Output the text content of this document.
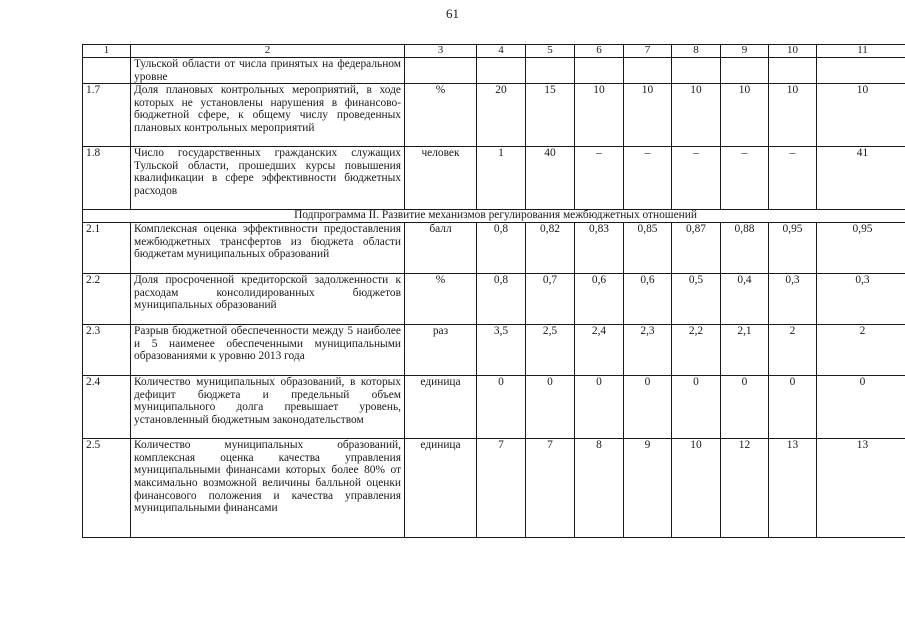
61
1	2	3	4	5	6	7	8	9	10	11
	Тульской области от числа принятых на федеральном уровне									
1.7	Доля плановых контрольных мероприятий, в ходе которых не установлены нарушения в финансово-бюджетной сфере, к общему числу проведенных плановых контрольных мероприятий	%	20	15	10	10	10	10	10	10
1.8	Число государственных гражданских служащих Тульской области, прошедших курсы повышения квалификации в сфере эффективности бюджетных расходов	человек	1	40	–	–	–	–	–	41
Подпрограмма II. Развитие механизмов регулирования межбюджетных отношений										
2.1	Комплексная оценка эффективности предоставления межбюджетных трансфертов из бюджета области бюджетам муниципальных образований	балл	0,8	0,82	0,83	0,85	0,87	0,88	0,95	0,95
2.2	Доля просроченной кредиторской задолженности к расходам консолидированных бюджетов муниципальных образований	%	0,8	0,7	0,6	0,6	0,5	0,4	0,3	0,3
2.3	Разрыв бюджетной обеспеченности между 5 наиболее и 5 наименее обеспеченными муниципальными образованиями к уровню 2013 года	раз	3,5	2,5	2,4	2,3	2,2	2,1	2	2
2.4	Количество муниципальных образований, в которых дефицит бюджета и предельный объем муниципального долга превышает уровень, установленный бюджетным законодательством	единица	0	0	0	0	0	0	0	0
2.5	Количество муниципальных образований, комплексная оценка качества управления муниципальными финансами которых более 80% от максимально возможной величины балльной оценки финансового положения и качества управления муниципальными финансами	единица	7	7	8	9	10	12	13	13
